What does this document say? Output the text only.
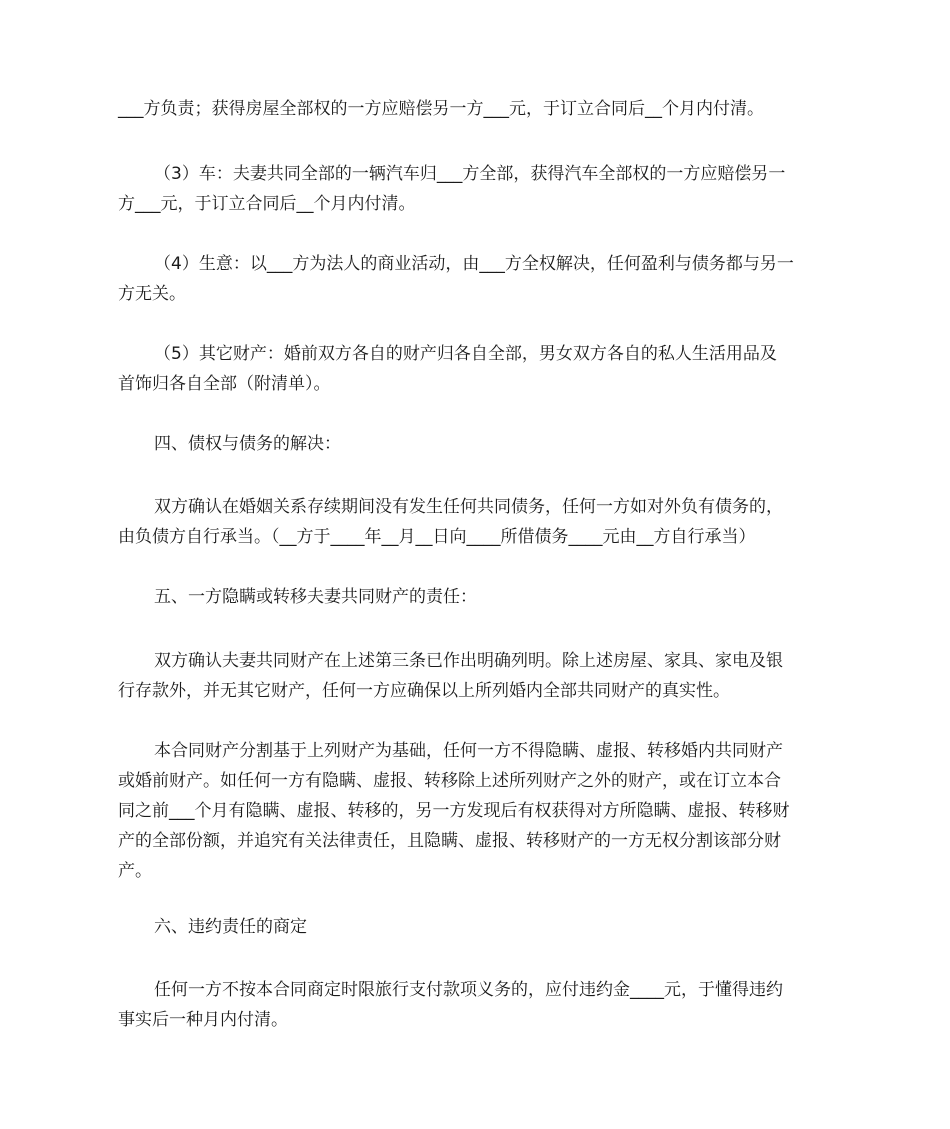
___方负责；获得房屋全部权的一方应赔偿另一方___元，于订立合同后__个月内付清。

（3）车：夫妻共同全部的一辆汽车归___方全部，获得汽车全部权的一方应赔偿另一
方___元，于订立合同后__个月内付清。

（4）生意：以___方为法人的商业活动，由___方全权解决，任何盈利与债务都与另一
方无关。

（5）其它财产：婚前双方各自的财产归各自全部，男女双方各自的私人生活用品及
首饰归各自全部（附清单）。

四、债权与债务的解决：

双方确认在婚姻关系存续期间没有发生任何共同债务，任何一方如对外负有债务的，
由负债方自行承当。（__方于____年__月__日向____所借债务____元由__方自行承当）

五、一方隐瞒或转移夫妻共同财产的责任：

双方确认夫妻共同财产在上述第三条已作出明确列明。除上述房屋、家具、家电及银
行存款外，并无其它财产，任何一方应确保以上所列婚内全部共同财产的真实性。

本合同财产分割基于上列财产为基础，任何一方不得隐瞒、虚报、转移婚内共同财产
或婚前财产。如任何一方有隐瞒、虚报、转移除上述所列财产之外的财产，或在订立本合
同之前___个月有隐瞒、虚报、转移的，另一方发现后有权获得对方所隐瞒、虚报、转移财
产的全部份额，并追究有关法律责任，且隐瞒、虚报、转移财产的一方无权分割该部分财
产。

六、违约责任的商定

任何一方不按本合同商定时限旅行支付款项义务的，应付违约金____元，于懂得违约
事实后一种月内付清。
